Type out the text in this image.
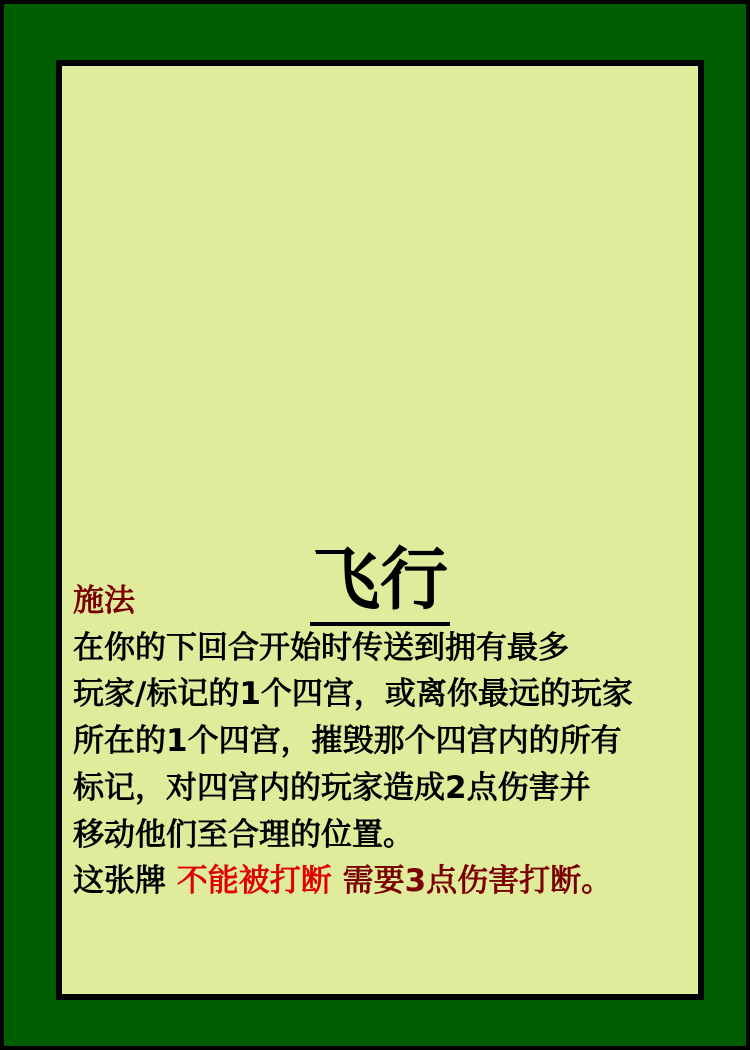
飞行
施法
在你的下回合开始时传送到拥有最多
玩家/标记的1个四宫，或离你最远的玩家
所在的1个四宫，摧毁那个四宫内的所有
标记，对四宫内的玩家造成2点伤害并
移动他们至合理的位置。
这张牌 不能被打断 需要3点伤害打断。
